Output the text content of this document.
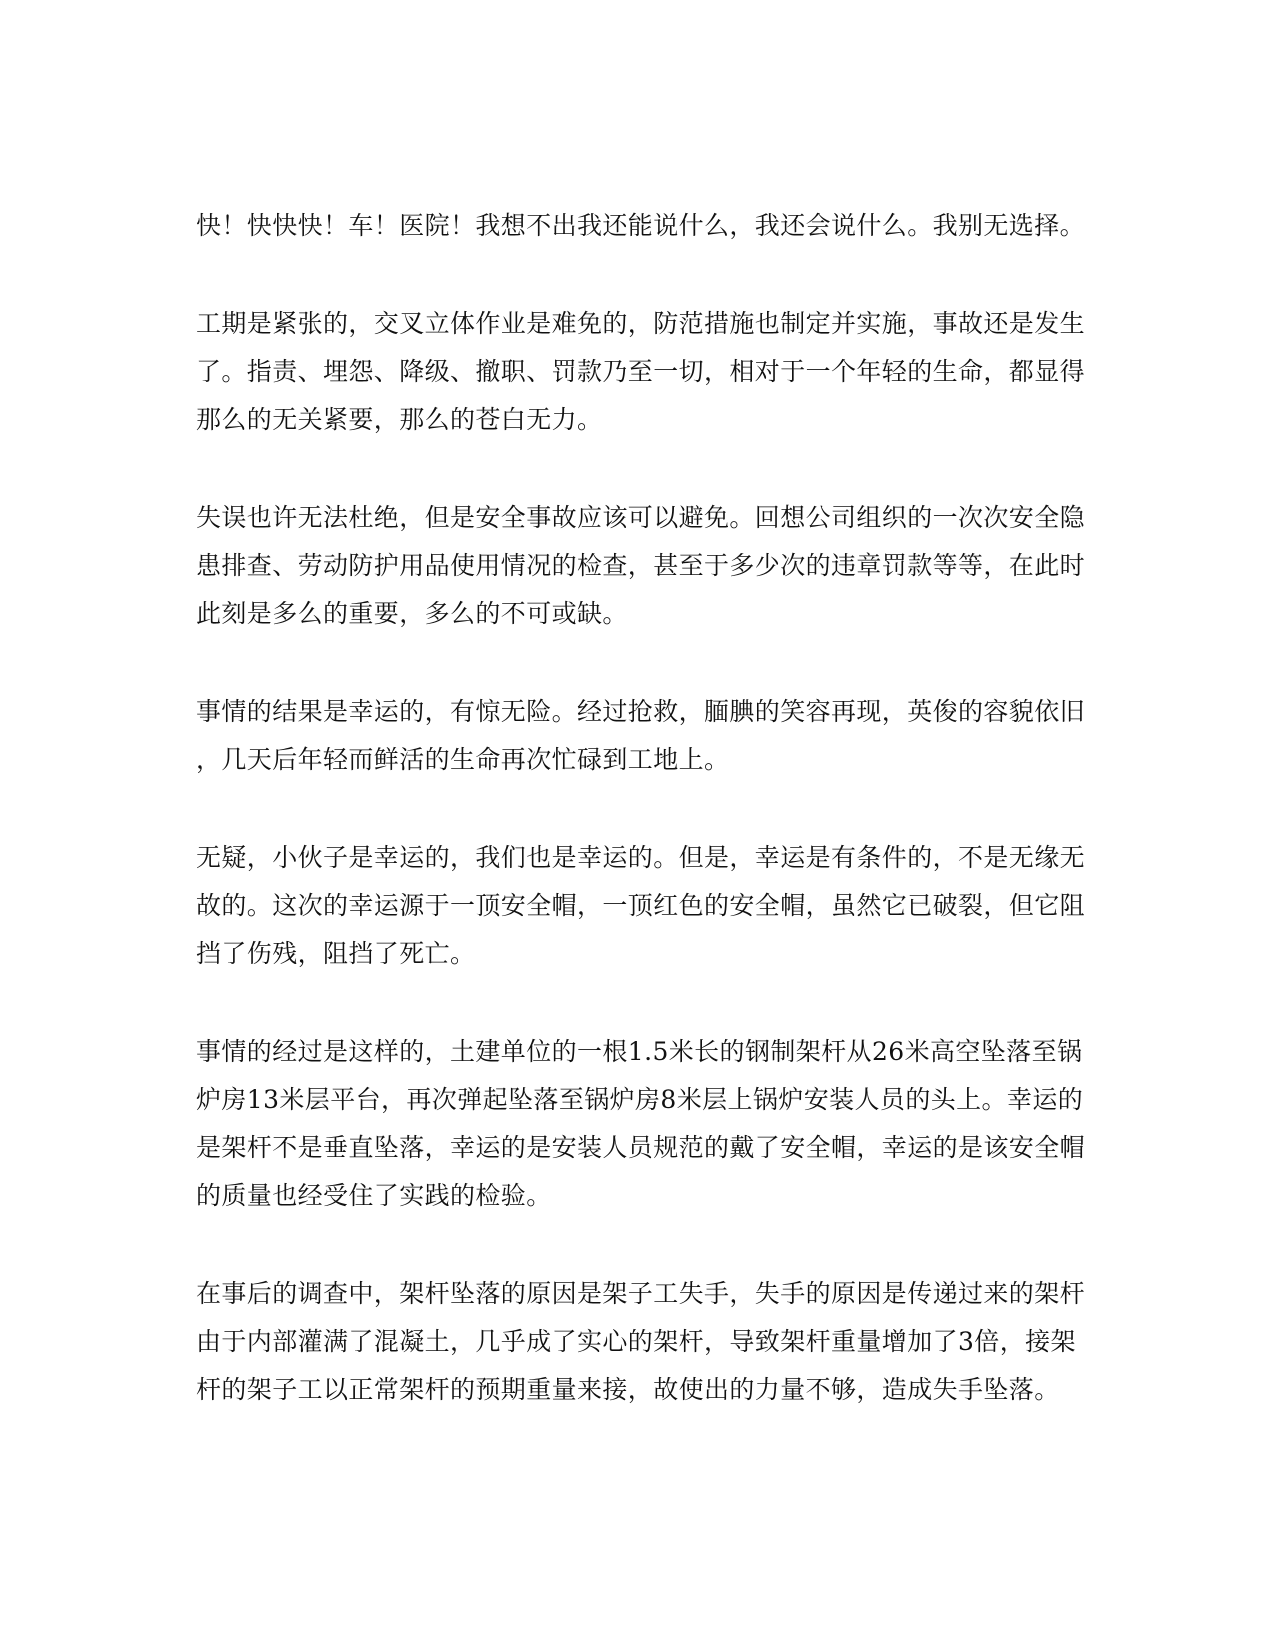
快！快快快！车！医院！我想不出我还能说什么，我还会说什么。我别无选择。

工期是紧张的，交叉立体作业是难免的，防范措施也制定并实施，事故还是发生
了。指责、埋怨、降级、撤职、罚款乃至一切，相对于一个年轻的生命，都显得
那么的无关紧要，那么的苍白无力。

失误也许无法杜绝，但是安全事故应该可以避免。回想公司组织的一次次安全隐
患排查、劳动防护用品使用情况的检查，甚至于多少次的违章罚款等等，在此时
此刻是多么的重要，多么的不可或缺。

事情的结果是幸运的，有惊无险。经过抢救，腼腆的笑容再现，英俊的容貌依旧
，几天后年轻而鲜活的生命再次忙碌到工地上。

无疑，小伙子是幸运的，我们也是幸运的。但是，幸运是有条件的，不是无缘无
故的。这次的幸运源于一顶安全帽，一顶红色的安全帽，虽然它已破裂，但它阻
挡了伤残，阻挡了死亡。

事情的经过是这样的，土建单位的一根1.5米长的钢制架杆从26米高空坠落至锅
炉房13米层平台，再次弹起坠落至锅炉房8米层上锅炉安装人员的头上。幸运的
是架杆不是垂直坠落，幸运的是安装人员规范的戴了安全帽，幸运的是该安全帽
的质量也经受住了实践的检验。

在事后的调查中，架杆坠落的原因是架子工失手，失手的原因是传递过来的架杆
由于内部灌满了混凝土，几乎成了实心的架杆，导致架杆重量增加了3倍，接架
杆的架子工以正常架杆的预期重量来接，故使出的力量不够，造成失手坠落。
